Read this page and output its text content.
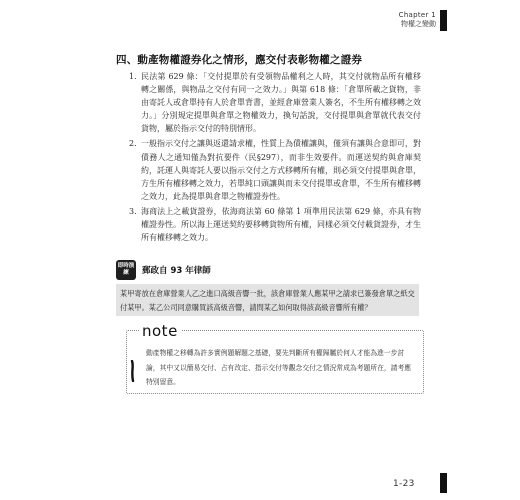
Chapter 1
物權之變動
四、動產物權證券化之情形，應交付表彰物權之證券
1. 民法第 629 條：「交付提單於有受領物品權利之人時，其交付就物品所有權移轉之關係，與物品之交付有同一之效力。」與第 618 條：「倉單所載之貨物，非由寄託人或倉單持有人於倉單背書，並經倉庫營業人簽名，不生所有權移轉之效力。」分別規定提單與倉單之物權效力，換句話說，交付提單與倉單就代表交付貨物，屬於指示交付的特別情形。
2. 一般指示交付之讓與返還請求權，性質上為債權讓與，僅須有讓與合意即可，對債務人之通知僅為對抗要件（民§297），而非生效要件。而運送契約與倉庫契約，託運人與寄託人要以指示交付之方式移轉所有權，則必須交付提單與倉單，方生所有權移轉之效力，若單純口頭讓與而未交付提單或倉單，不生所有權移轉之效力，此為提單與倉單之物權證券性。
3. 海商法上之載貨證券，依海商法第 60 條第 1 項準用民法第 629 條，亦具有物權證券性。所以海上運送契約要移轉貨物所有權，同樣必須交付載貨證券，才生所有權移轉之效力。
即時演練	郵政自 93 年律師
某甲寄放在倉庫營業人乙之進口高級音響一批，該倉庫營業人應某甲之請求已簽發倉單之紙交付某甲。某乙公司同意購買該高級音響，請問某乙如何取得該高級音響所有權？
note
動產物權之移轉為許多實例題解題之基礎，要先判斷所有權歸屬於何人才能為進一步討論，其中又以簡易交付、占有改定、指示交付等觀念交付之情況常成為考題所在，請考應特別留意。
1-23
